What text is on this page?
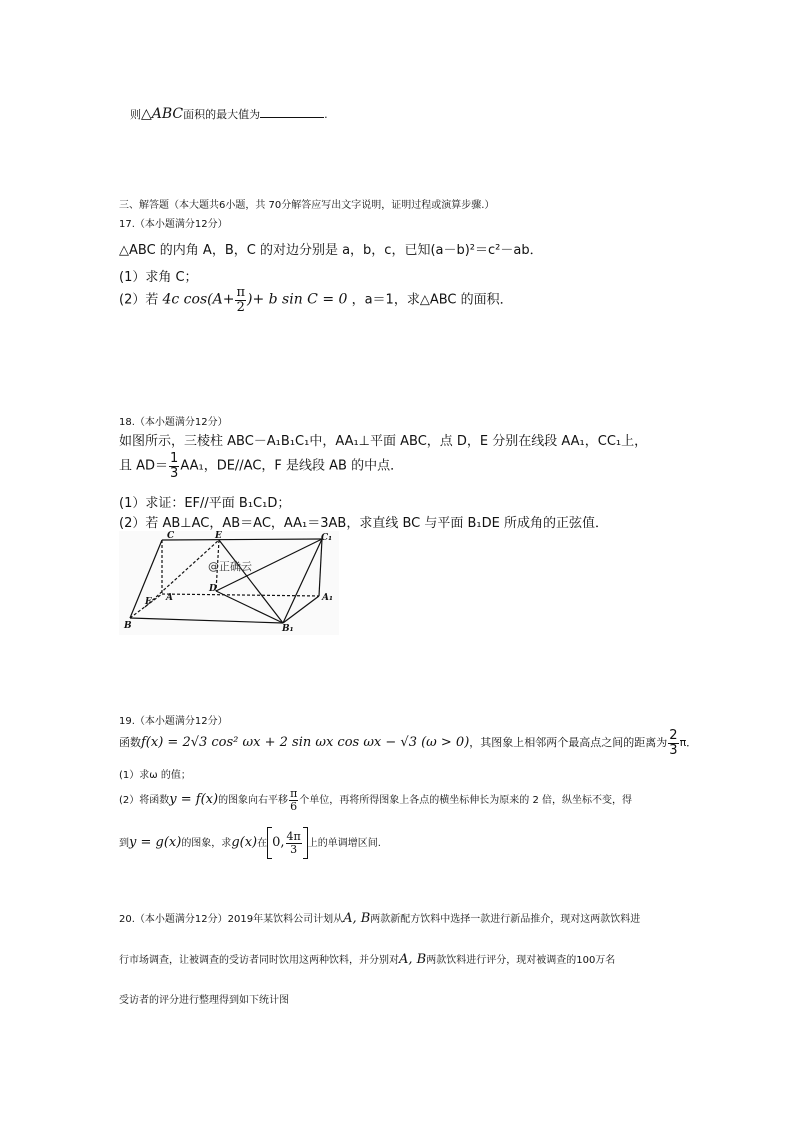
则△ABC面积的最大值为	.
三、解答题（本大题共6小题，共 70分解答应写出文字说明，证明过程或演算步骤.）
17.（本小题满分12分）
△ABC 的内角 A，B，C 的对边分别是 a，b，c，已知(a－b)²＝c²－ab．
(1）求角 C；
(2）若 4c $\cos(A+ \frac{\pi}{2}$ )+ b sin C = 0 ，a＝1，求△ABC 的面积．
18.（本小题满分12分）
如图所示，三棱柱 ABC－A₁B₁C₁中，AA₁⊥平面 ABC，点 D，E 分别在线段 AA₁，CC₁上，
且 $AD= \frac{1}{3} AA_1$，DE//AC，F 是线段 AB 的中点．
(1）求证：EF//平面 B₁C₁D；
(2）若 AB⊥AC，AB＝AC，AA₁＝3AB，求直线 BC 与平面 B₁DE 所成角的正弦值．
C	E	C₁
F A
D
A₁
B	B₁
@正确云
19.（本小题满分12分）
函数f(x) = 2√3 cos² ωx + 2 sin ωx cos ωx − √3 (ω > 0)，其图象上相邻两个最高点之间的距离为 $\frac{2}{3}$ π．
(1）求ω 的值；
(2）将函数y = f(x)的图象向右平移 $\frac{\pi}{6}$ 个单位，再将所得图象上各点的横坐标伸长为原来的 2 倍，纵坐标不变，得
到y = g(x)的图象，求g(x)在 0, $\frac{4\pi}{3}$ 上的单调增区间.
20.（本小题满分12分）2019年某饮料公司计划从A, B两款新配方饮料中选择一款进行新品推介，现对这两款饮料进
行市场调查，让被调查的受访者同时饮用这两种饮料，并分别对A, B两款饮料进行评分，现对被调查的100万名
受访者的评分进行整理得到如下统计图
